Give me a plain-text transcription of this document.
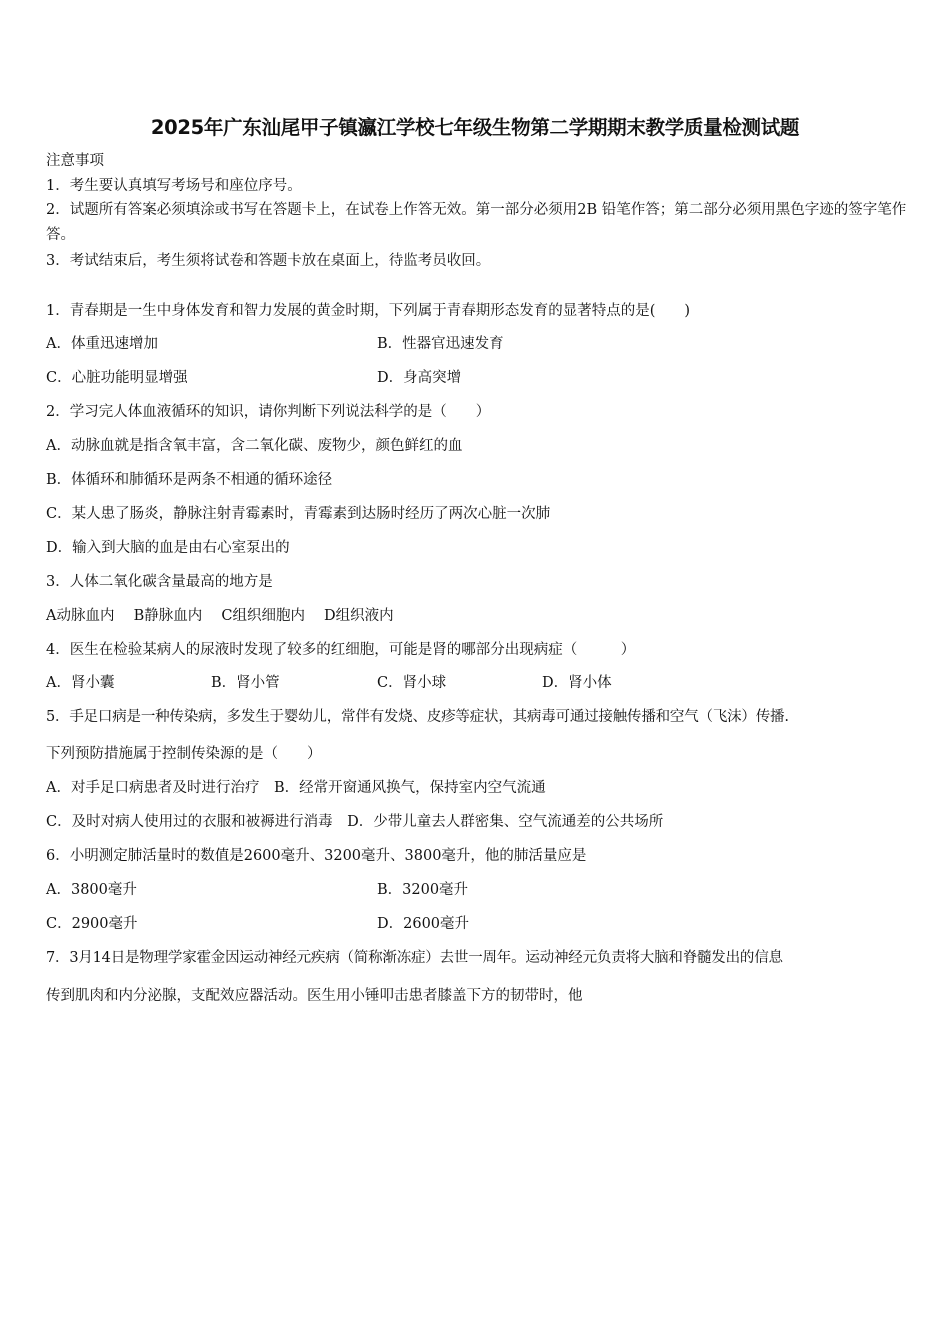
2025年广东汕尾甲子镇瀛江学校七年级生物第二学期期末教学质量检测试题
注意事项
1．考生要认真填写考场号和座位序号。
2．试题所有答案必须填涂或书写在答题卡上，在试卷上作答无效。第一部分必须用2B 铅笔作答；第二部分必须用黑色字迹的签字笔作答。
3．考试结束后，考生须将试卷和答题卡放在桌面上，待监考员收回。
1．青春期是一生中身体发育和智力发展的黄金时期，下列属于青春期形态发育的显著特点的是(　　)
A．体重迅速增加	B．性器官迅速发育
C．心脏功能明显增强	D．身高突增
2．学习完人体血液循环的知识，请你判断下列说法科学的是（　　）
A．动脉血就是指含氧丰富，含二氧化碳、废物少，颜色鲜红的血
B．体循环和肺循环是两条不相通的循环途径
C．某人患了肠炎，静脉注射青霉素时，青霉素到达肠时经历了两次心脏一次肺
D．输入到大脑的血是由右心室泵出的
3．人体二氧化碳含量最高的地方是
A动脉血内　 B静脉血内　 C组织细胞内　 D组织液内
4．医生在检验某病人的尿液时发现了较多的红细胞，可能是肾的哪部分出现病症（　　　）
A．肾小囊	B．肾小管	C．肾小球	D．肾小体
5．手足口病是一种传染病，多发生于婴幼儿，常伴有发烧、皮疹等症状，其病毒可通过接触传播和空气（飞沫）传播.
下列预防措施属于控制传染源的是（　　）
A．对手足口病患者及时进行治疗　B．经常开窗通风换气，保持室内空气流通
C．及时对病人使用过的衣服和被褥进行消毒　D．少带儿童去人群密集、空气流通差的公共场所
6．小明测定肺活量时的数值是2600毫升、3200毫升、3800毫升，他的肺活量应是
A．3800毫升	B．3200毫升
C．2900毫升	D．2600毫升
7．3月14日是物理学家霍金因运动神经元疾病（简称渐冻症）去世一周年。运动神经元负责将大脑和脊髓发出的信息
传到肌肉和内分泌腺，支配效应器活动。医生用小锤叩击患者膝盖下方的韧带时，他
